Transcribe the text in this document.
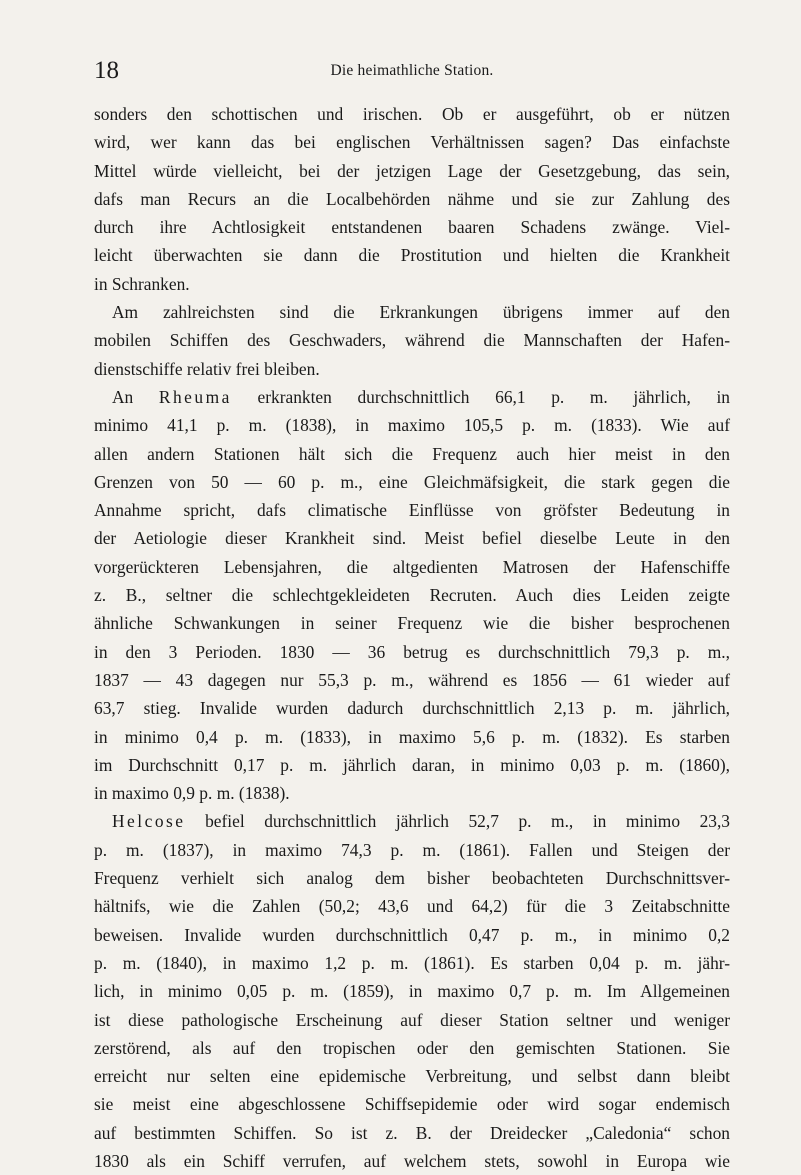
18	Die heimathliche Station.
sonders den schottischen und irischen. Ob er ausgeführt, ob er nützen
wird, wer kann das bei englischen Verhältnissen sagen? Das einfachste
Mittel würde vielleicht, bei der jetzigen Lage der Gesetzgebung, das sein,
dafs man Recurs an die Localbehörden nähme und sie zur Zahlung des
durch ihre Achtlosigkeit entstandenen baaren Schadens zwänge. Viel-
leicht überwachten sie dann die Prostitution und hielten die Krankheit
in Schranken.
Am zahlreichsten sind die Erkrankungen übrigens immer auf den
mobilen Schiffen des Geschwaders, während die Mannschaften der Hafen-
dienstschiffe relativ frei bleiben.
An Rheuma erkrankten durchschnittlich 66,1 p. m. jährlich, in
minimo 41,1 p. m. (1838), in maximo 105,5 p. m. (1833). Wie auf
allen andern Stationen hält sich die Frequenz auch hier meist in den
Grenzen von 50 — 60 p. m., eine Gleichmäfsigkeit, die stark gegen die
Annahme spricht, dafs climatische Einflüsse von gröfster Bedeutung in
der Aetiologie dieser Krankheit sind. Meist befiel dieselbe Leute in den
vorgerückteren Lebensjahren, die altgedienten Matrosen der Hafenschiffe
z. B., seltner die schlechtgekleideten Recruten. Auch dies Leiden zeigte
ähnliche Schwankungen in seiner Frequenz wie die bisher besprochenen
in den 3 Perioden. 1830 — 36 betrug es durchschnittlich 79,3 p. m.,
1837 — 43 dagegen nur 55,3 p. m., während es 1856 — 61 wieder auf
63,7 stieg. Invalide wurden dadurch durchschnittlich 2,13 p. m. jährlich,
in minimo 0,4 p. m. (1833), in maximo 5,6 p. m. (1832). Es starben
im Durchschnitt 0,17 p. m. jährlich daran, in minimo 0,03 p. m. (1860),
in maximo 0,9 p. m. (1838).
Helcose befiel durchschnittlich jährlich 52,7 p. m., in minimo 23,3
p. m. (1837), in maximo 74,3 p. m. (1861). Fallen und Steigen der
Frequenz verhielt sich analog dem bisher beobachteten Durchschnittsver-
hältnifs, wie die Zahlen (50,2; 43,6 und 64,2) für die 3 Zeitabschnitte
beweisen. Invalide wurden durchschnittlich 0,47 p. m., in minimo 0,2
p. m. (1840), in maximo 1,2 p. m. (1861). Es starben 0,04 p. m. jähr-
lich, in minimo 0,05 p. m. (1859), in maximo 0,7 p. m. Im Allgemeinen
ist diese pathologische Erscheinung auf dieser Station seltner und weniger
zerstörend, als auf den tropischen oder den gemischten Stationen. Sie
erreicht nur selten eine epidemische Verbreitung, und selbst dann bleibt
sie meist eine abgeschlossene Schiffsepidemie oder wird sogar endemisch
auf bestimmten Schiffen. So ist z. B. der Dreidecker „Caledonia“ schon
1830 als ein Schiff verrufen, auf welchem stets, sowohl in Europa wie
